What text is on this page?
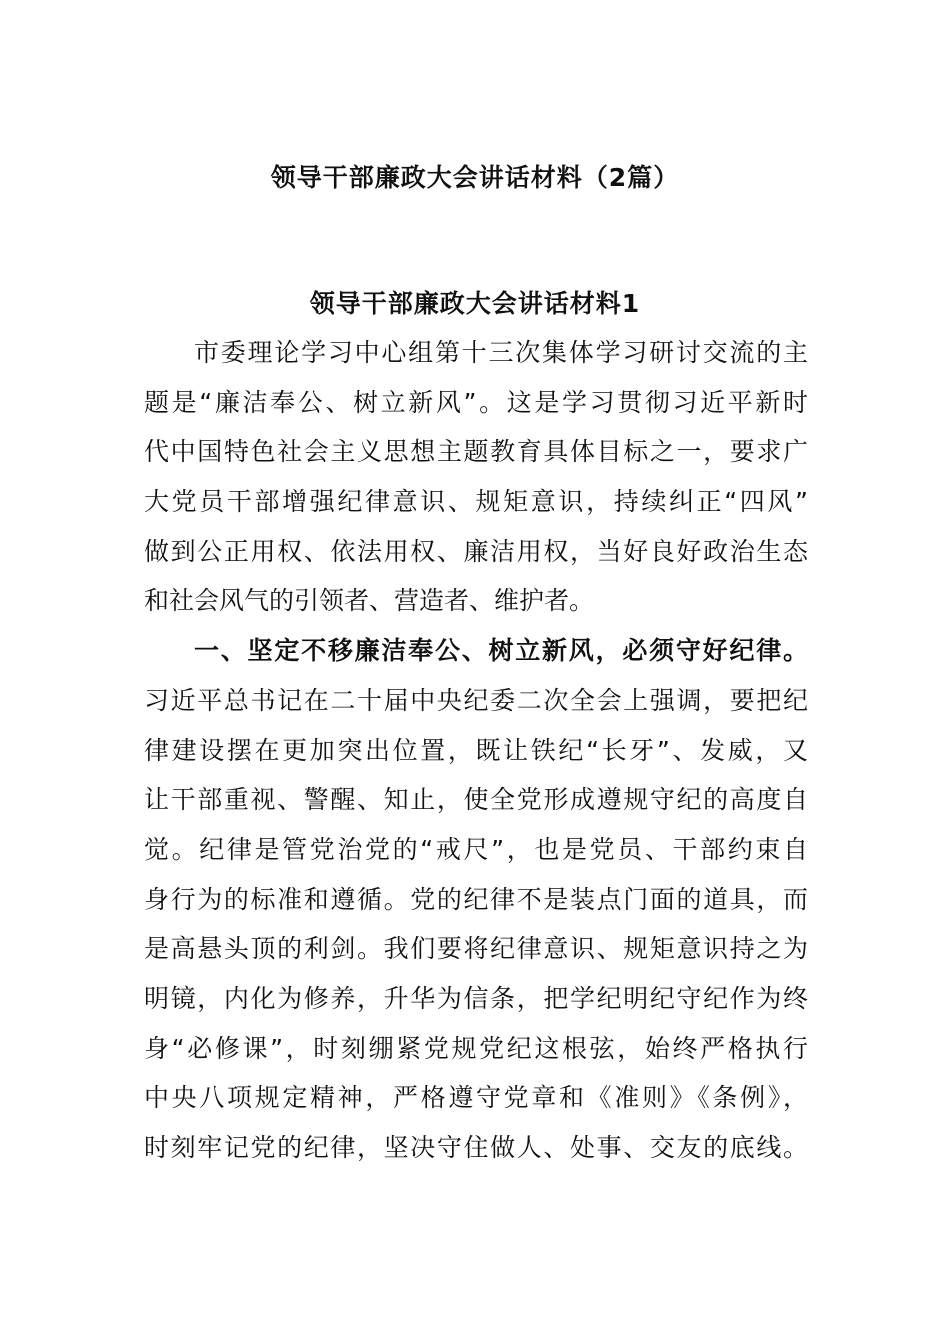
领导干部廉政大会讲话材料（2篇）
领导干部廉政大会讲话材料1
市委理论学习中心组第十三次集体学习研讨交流的主
题是“廉洁奉公、树立新风”。这是学习贯彻习近平新时
代中国特色社会主义思想主题教育具体目标之一，要求广
大党员干部增强纪律意识、规矩意识，持续纠正“四风”
做到公正用权、依法用权、廉洁用权，当好良好政治生态
和社会风气的引领者、营造者、维护者。
一、坚定不移廉洁奉公、树立新风，必须守好纪律。
习近平总书记在二十届中央纪委二次全会上强调，要把纪
律建设摆在更加突出位置，既让铁纪“长牙”、发威，又
让干部重视、警醒、知止，使全党形成遵规守纪的高度自
觉。纪律是管党治党的“戒尺”，也是党员、干部约束自
身行为的标准和遵循。党的纪律不是装点门面的道具，而
是高悬头顶的利剑。我们要将纪律意识、规矩意识持之为
明镜，内化为修养，升华为信条，把学纪明纪守纪作为终
身“必修课”，时刻绷紧党规党纪这根弦，始终严格执行
中央八项规定精神，严格遵守党章和《准则》《条例》，
时刻牢记党的纪律，坚决守住做人、处事、交友的底线。
